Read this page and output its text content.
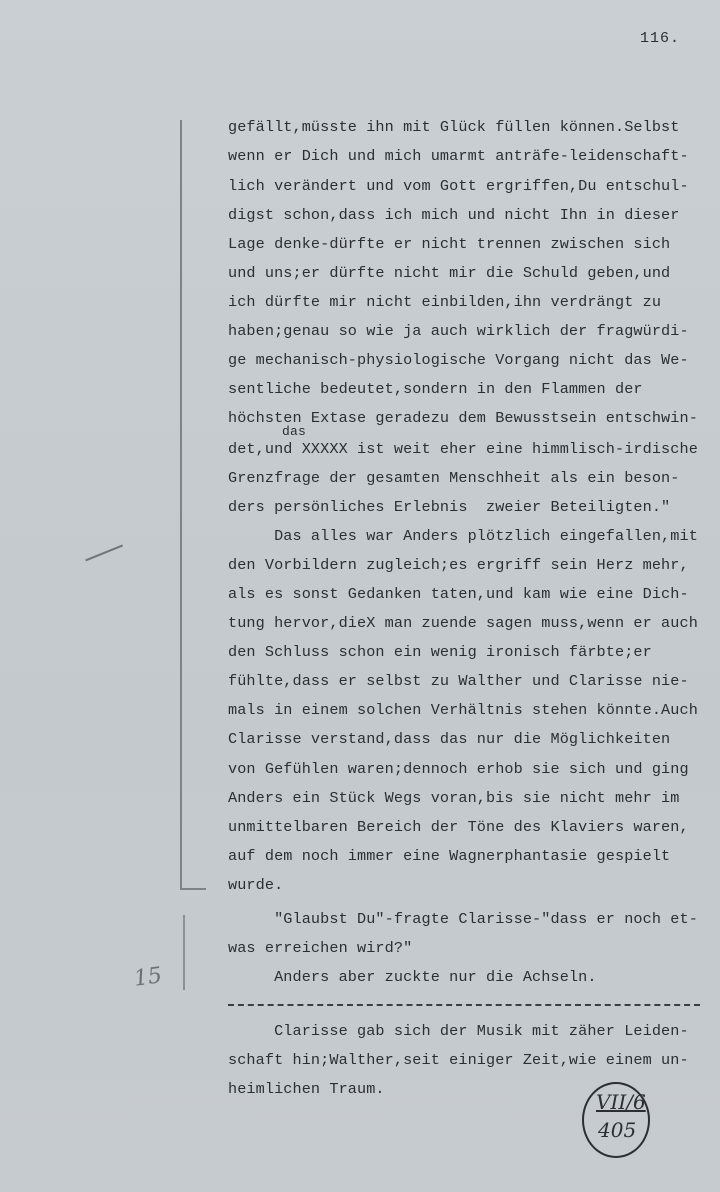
116.
15
das
gefällt,müsste ihn mit Glück füllen können.Selbst
wenn er Dich und mich umarmt anträfe-leidenschaft-
lich verändert und vom Gott ergriffen,Du entschul-
digst schon,dass ich mich und nicht Ihn in dieser
Lage denke-dürfte er nicht trennen zwischen sich
und uns;er dürfte nicht mir die Schuld geben,und
ich dürfte mir nicht einbilden,ihn verdrängt zu
haben;genau so wie ja auch wirklich der fragwürdi-
ge mechanisch-physiologische Vorgang nicht das We-
sentliche bedeutet,sondern in den Flammen der
höchsten Extase geradezu dem Bewusstsein entschwin-
det,und XXXXX ist weit eher eine himmlisch-irdische
Grenzfrage der gesamten Menschheit als ein beson-
ders persönliches Erlebnis  zweier Beteiligten."
Das alles war Anders plötzlich eingefallen,mit
den Vorbildern zugleich;es ergriff sein Herz mehr,
als es sonst Gedanken taten,und kam wie eine Dich-
tung hervor,dieX man zuende sagen muss,wenn er auch
den Schluss schon ein wenig ironisch färbte;er
fühlte,dass er selbst zu Walther und Clarisse nie-
mals in einem solchen Verhältnis stehen könnte.Auch
Clarisse verstand,dass das nur die Möglichkeiten
von Gefühlen waren;dennoch erhob sie sich und ging
Anders ein Stück Wegs voran,bis sie nicht mehr im
unmittelbaren Bereich der Töne des Klaviers waren,
auf dem noch immer eine Wagnerphantasie gespielt
wurde.
"Glaubst Du"-fragte Clarisse-"dass er noch et-
was erreichen wird?"
Anders aber zuckte nur die Achseln.
Clarisse gab sich der Musik mit zäher Leiden-
schaft hin;Walther,seit einiger Zeit,wie einem un-
heimlichen Traum.
VII/6
405
